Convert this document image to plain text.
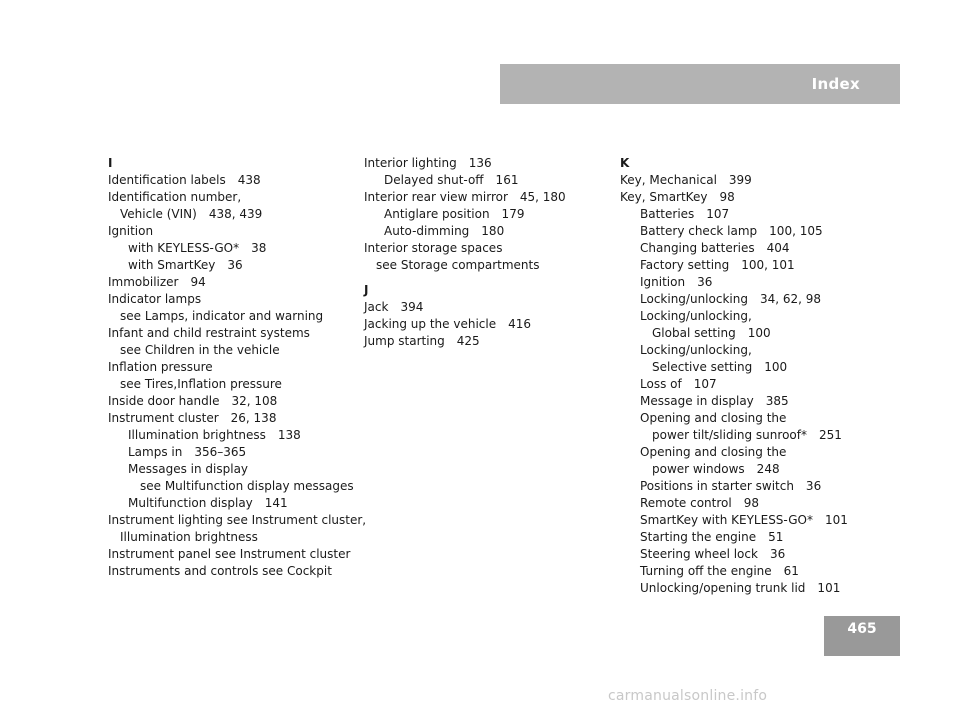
Index
I
Identification labels 438
Identification number,
Vehicle (VIN) 438, 439
Ignition
with KEYLESS-GO* 38
with SmartKey 36
Immobilizer 94
Indicator lamps
see Lamps, indicator and warning
Infant and child restraint systems
see Children in the vehicle
Inflation pressure
see Tires,Inflation pressure
Inside door handle 32, 108
Instrument cluster 26, 138
Illumination brightness 138
Lamps in 356–365
Messages in display
see Multifunction display messages
Multifunction display 141
Instrument lighting see Instrument cluster,
Illumination brightness
Instrument panel see Instrument cluster
Instruments and controls see Cockpit
Interior lighting 136
Delayed shut-off 161
Interior rear view mirror 45, 180
Antiglare position 179
Auto-dimming 180
Interior storage spaces
see Storage compartments
J
Jack 394
Jacking up the vehicle 416
Jump starting 425
K
Key, Mechanical 399
Key, SmartKey 98
Batteries 107
Battery check lamp 100, 105
Changing batteries 404
Factory setting 100, 101
Ignition 36
Locking/unlocking 34, 62, 98
Locking/unlocking,
Global setting 100
Locking/unlocking,
Selective setting 100
Loss of 107
Message in display 385
Opening and closing the
power tilt/sliding sunroof* 251
Opening and closing the
power windows 248
Positions in starter switch 36
Remote control 98
SmartKey with KEYLESS-GO* 101
Starting the engine 51
Steering wheel lock 36
Turning off the engine 61
Unlocking/opening trunk lid 101
465
carmanualsonline.info
